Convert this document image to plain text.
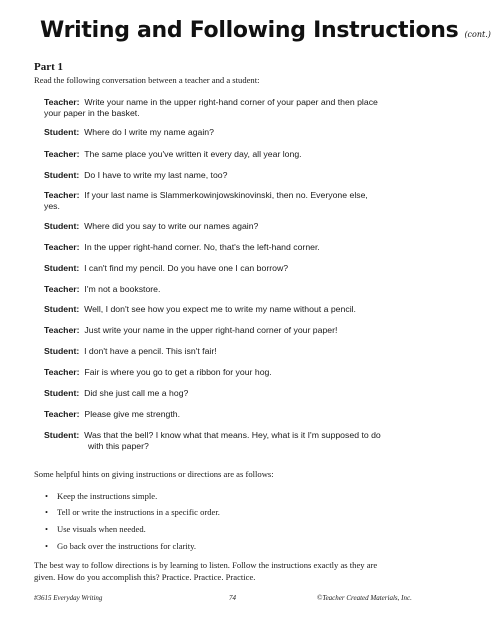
Writing and Following Instructions (cont.)
Part 1
Read the following conversation between a teacher and a student:

Teacher: Write your name in the upper right-hand corner of your paper and then place

your paper in the basket.

Student: Where do I write my name again?

Teacher: The same place you've written it every day, all year long.

Student: Do I have to write my last name, too?

Teacher: If your last name is Slammerkowinjowskinovinski, then no. Everyone else,

yes.

Student: Where did you say to write our names again?

Teacher: In the upper right-hand corner. No, that's the left-hand corner.

Student: I can't find my pencil. Do you have one I can borrow?

Teacher: I'm not a bookstore.

Student: Well, I don't see how you expect me to write my name without a pencil.

Teacher: Just write your name in the upper right-hand corner of your paper!

Student: I don't have a pencil. This isn't fair!

Teacher: Fair is where you go to get a ribbon for your hog.

Student: Did she just call me a hog?

Teacher: Please give me strength.

Student: Was that the bell? I know what that means. Hey, what is it I'm supposed to do

with this paper?

Some helpful hints on giving instructions or directions are as follows:
• Keep the instructions simple.
• Tell or write the instructions in a specific order.
• Use visuals when needed.
• Go back over the instructions for clarity.
The best way to follow directions is by learning to listen. Follow the instructions exactly as they are
given. How do you accomplish this? Practice. Practice. Practice.
#3615 Everyday Writing	74	©Teacher Created Materials, Inc.
